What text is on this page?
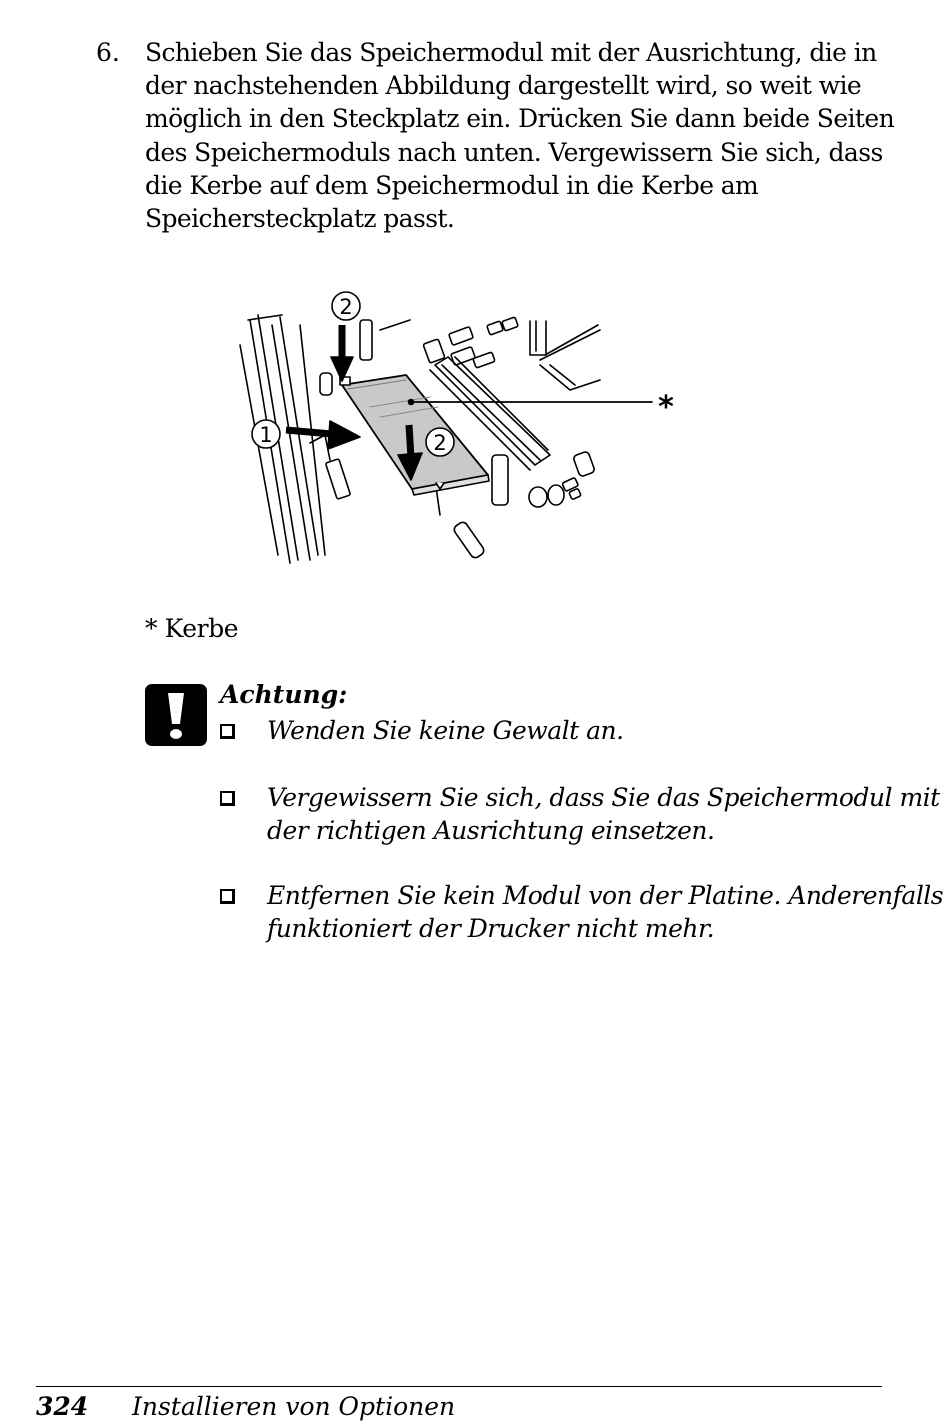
6. Schieben Sie das Speichermodul mit der Ausrichtung, die in
der nachstehenden Abbildung dargestellt wird, so weit wie
möglich in den Steckplatz ein. Drücken Sie dann beide Seiten
des Speichermoduls nach unten. Vergewissern Sie sich, dass
die Kerbe auf dem Speichermodul in die Kerbe am
Speichersteckplatz passt.
1
2
2
*
* Kerbe
Achtung:
Wenden Sie keine Gewalt an.
Vergewissern Sie sich, dass Sie das Speichermodul mit
der richtigen Ausrichtung einsetzen.
Entfernen Sie kein Modul von der Platine. Anderenfalls
funktioniert der Drucker nicht mehr.
324 Installieren von Optionen
